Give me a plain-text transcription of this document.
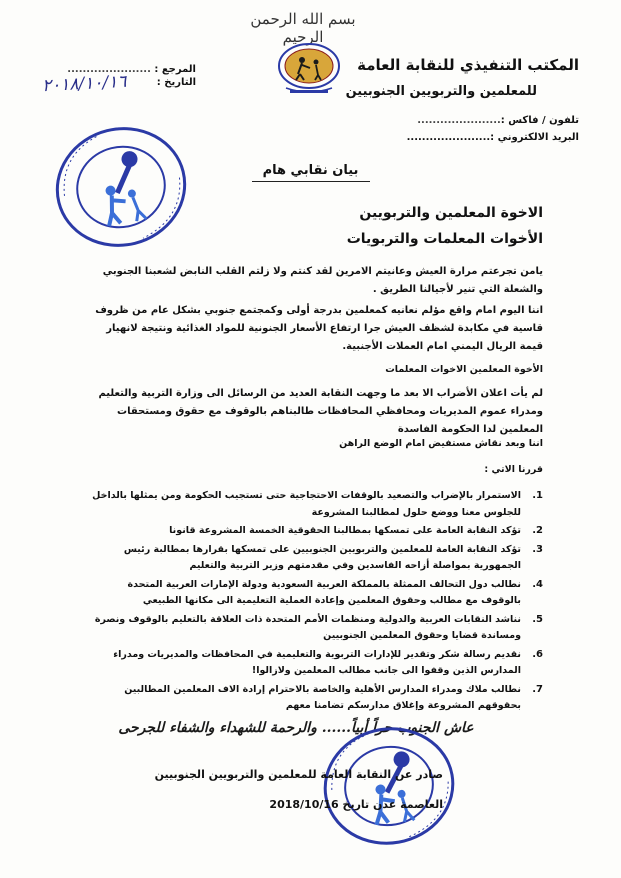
بسم الله الرحمن الرحيم
المكتب التنفيذي للنقابة العامة
للمعلمين والتربويين الجنوبيين
تلفون / فاكس :......................
البريد الالكتروني :......................
المرجع : ......................
التاريخ :
٢٠١٨/١٠/١٦
بيان نقابي هام
الاخوة المعلمين والتربويين
الأخوات المعلمات والتربويات
يامن تجرعتم مرارة العيش وعانيتم الامرين لقد كنتم ولا زلتم القلب النابض لشعبنا الجنوبي والشعلة التي تنير لأجيالنا الطريق .
اننا اليوم امام واقع مؤلم نعانيه كمعلمين بدرجة أولى وكمجتمع جنوبي بشكل عام من ظروف قاسية في مكابدة لشظف العيش جرا ارتفاع الأسعار الجنونية للمواد الغذائية ونتيجة لانهيار قيمة الريال اليمني امام العملات الأجنبية.
الأخوة المعلمين الاخوات المعلمات
لم يأت اعلان الأضراب الا بعد ما وجهت النقابة العديد من الرسائل الى وزارة التربية والتعليم ومدراء عموم المديريات ومحافظي المحافظات طالبناهم بالوقوف مع حقوق ومستحقات المعلمين لدا الحكومة الفاسدة
اننا وبعد نقاش مستفيض امام الوضع الراهن
قررنا الاتي :
1.
الاستمرار بالإضراب والتصعيد بالوقفات الاحتجاجية حتى تستجيب الحكومة ومن يمثلها بالداخل للجلوس معنا ووضع حلول لمطالبنا المشروعة
2.
تؤكد النقابة العامة على تمسكها بمطالبنا الحقوقية الخمسة المشروعة قانونا
3.
تؤكد النقابة العامة للمعلمين والتربويين الجنوبيين على تمسكها بقرارها بمطالبة رئيس الجمهورية بمواصلة أزاحه الفاسدين وفي مقدمتهم وزير التربية والتعليم
4.
نطالب دول التحالف الممثلة بالمملكة العربية السعودية ودولة الإمارات العربية المتحدة بالوقوف مع مطالب وحقوق المعلمين وإعادة العملية التعليمية الى مكانها الطبيعي
5.
نناشد النقابات العربية والدولية ومنظمات الأمم المتحدة ذات العلاقة بالتعليم بالوقوف ونصرة ومساندة قضايا وحقوق المعلمين الجنوبيين
6.
نقديم رسالة شكر وتقدير للإدارات التربوية والتعليمية في المحافظات والمديريات ومدراء المدارس الذين وقفوا الى جانب مطالب المعلمين ولازالوا!
7.
نطالب ملاك ومدراء المدارس الأهلية والخاصة بالاحترام إرادة الاف المعلمين المطالبين بحقوقهم المشروعة وإغلاق مدارسكم تضامنا معهم
عاش الجنوب حراً أبياً...... والرحمة للشهداء والشفاء للجرحى
صادر عن النقابة العامة للمعلمين والتربويين الجنوبيين
العاصمة عدن تاريخ 2018/10/16
